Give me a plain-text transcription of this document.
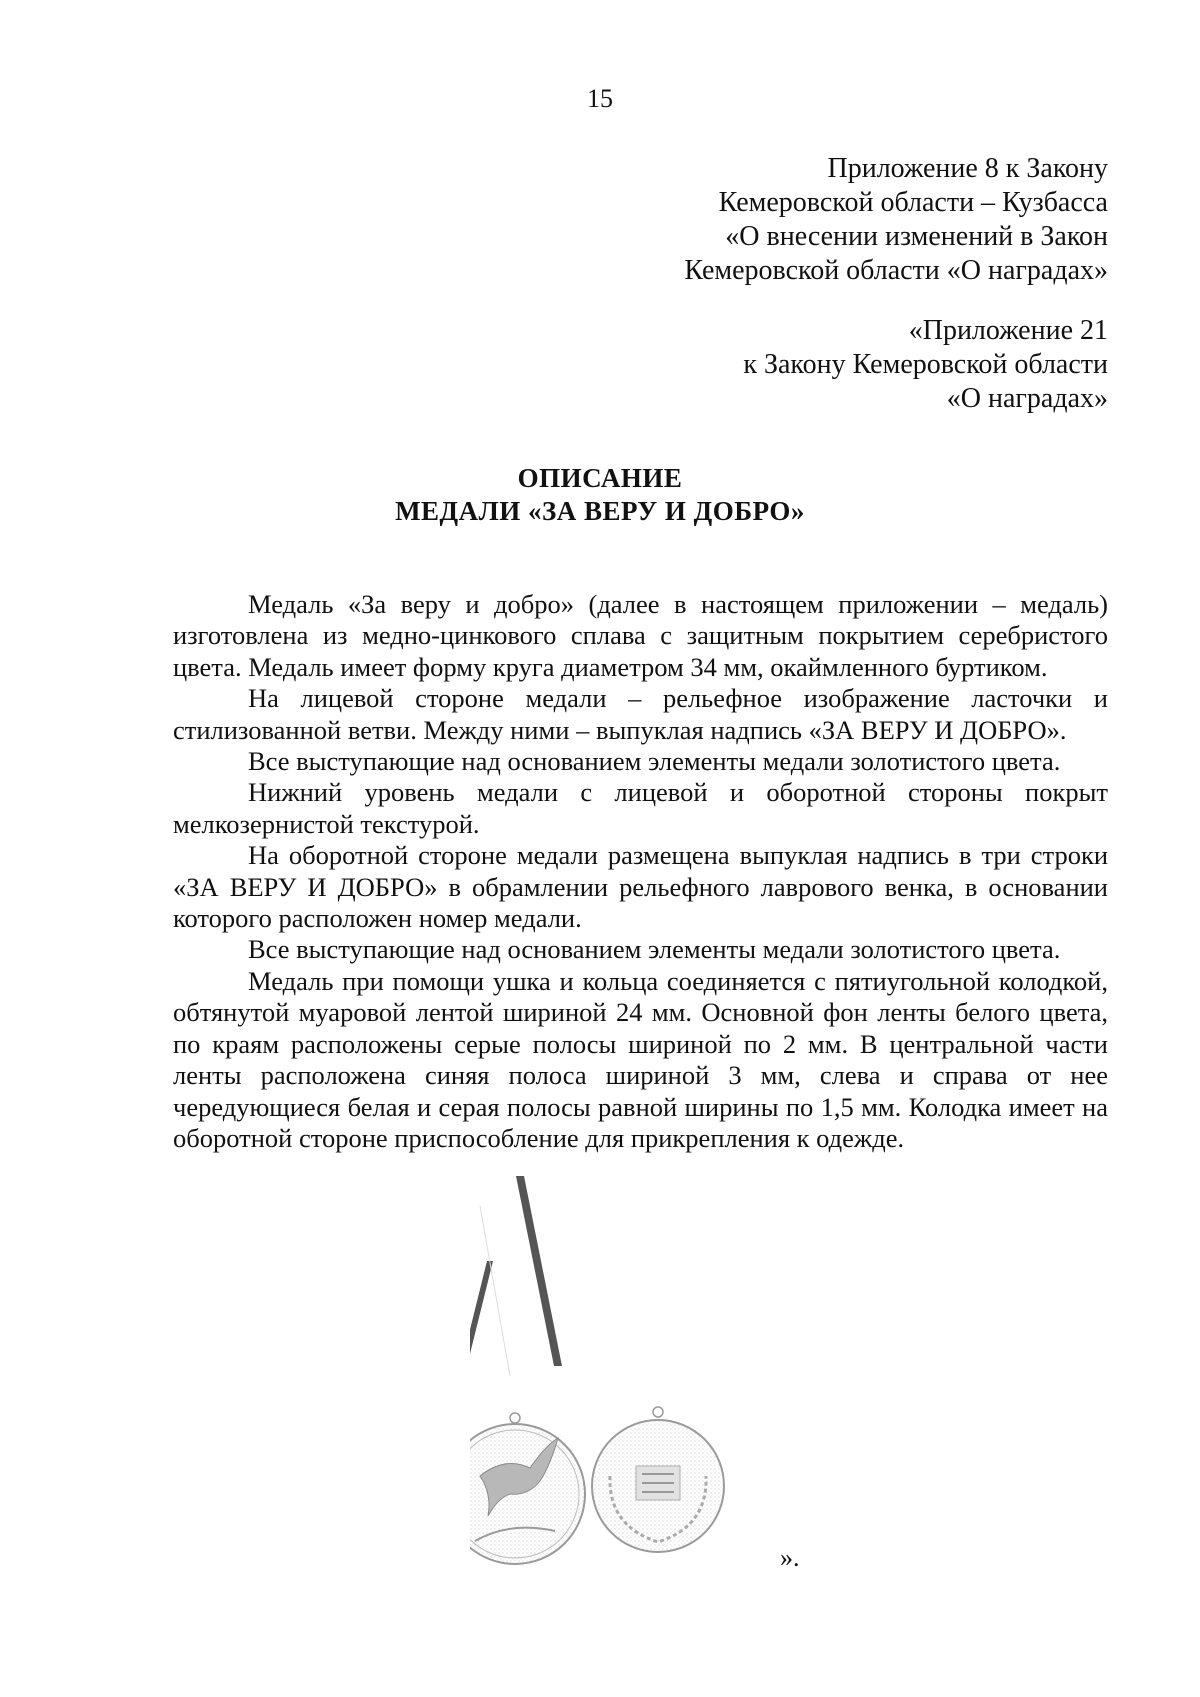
15
Приложение 8 к Закону
Кемеровской области – Кузбасса
«О внесении изменений в Закон
Кемеровской области «О наградах»
«Приложение 21
к Закону Кемеровской области
«О наградах»
ОПИСАНИЕ
МЕДАЛИ «ЗА ВЕРУ И ДОБРО»

Медаль «За веру и добро» (далее в настоящем приложении – медаль) изготовлена из медно-цинкового сплава с защитным покрытием серебристого цвета. Медаль имеет форму круга диаметром 34 мм, окаймленного буртиком.

На лицевой стороне медали – рельефное изображение ласточки и стилизованной ветви. Между ними – выпуклая надпись «ЗА ВЕРУ И ДОБРО».

Все выступающие над основанием элементы медали золотистого цвета.

Нижний уровень медали с лицевой и оборотной стороны покрыт мелкозернистой текстурой.

На оборотной стороне медали размещена выпуклая надпись в три строки «ЗА ВЕРУ И ДОБРО» в обрамлении рельефного лаврового венка, в основании которого расположен номер медали.

Все выступающие над основанием элементы медали золотистого цвета.

Медаль при помощи ушка и кольца соединяется с пятиугольной колодкой, обтянутой муаровой лентой шириной 24 мм. Основной фон ленты белого цвета, по краям расположены серые полосы шириной по 2 мм. В центральной части ленты расположена синяя полоса шириной 3 мм, слева и справа от нее чередующиеся белая и серая полосы равной ширины по 1,5 мм. Колодка имеет на оборотной стороне приспособление для прикрепления к одежде.

».
